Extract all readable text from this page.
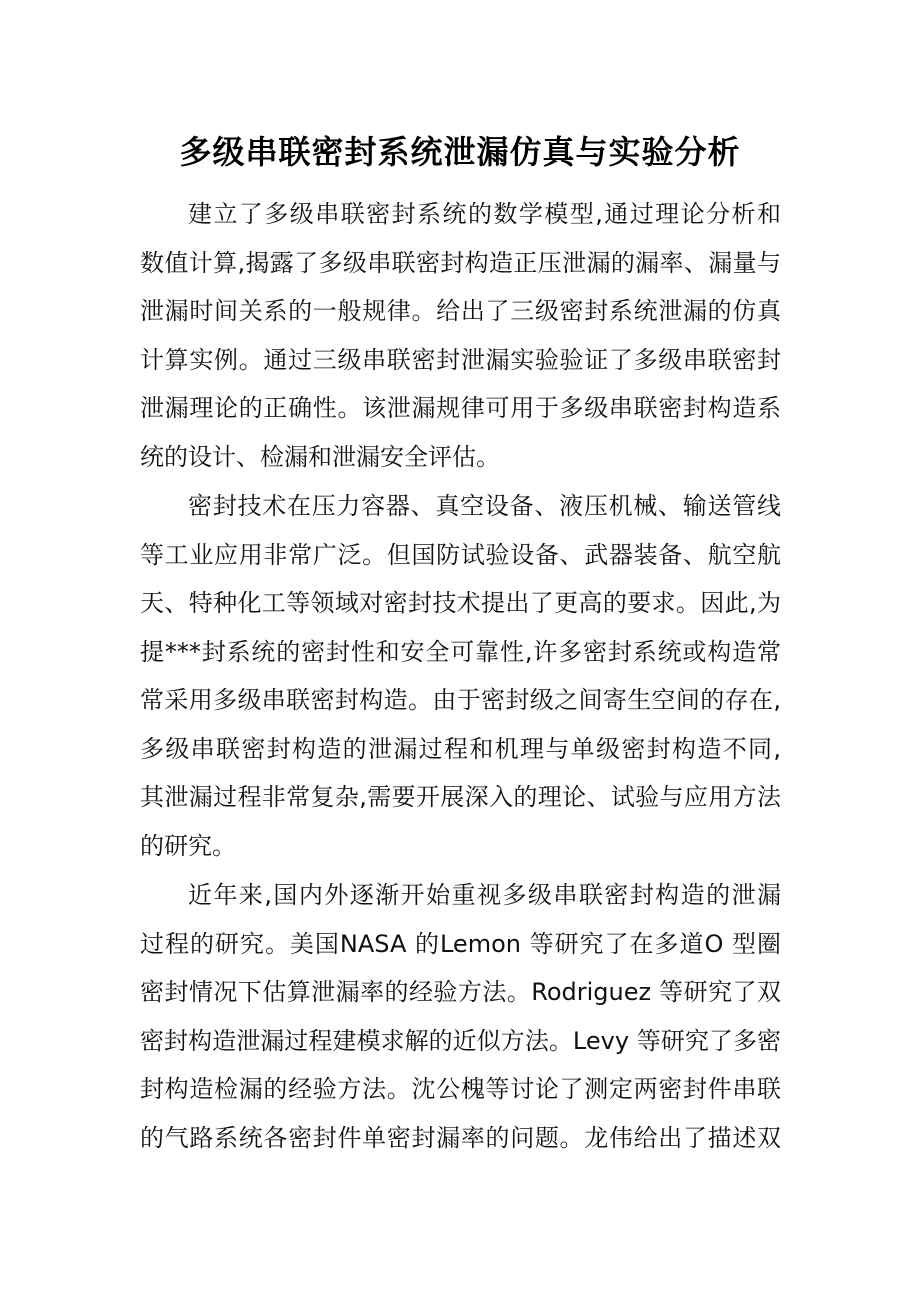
多级串联密封系统泄漏仿真与实验分析
建立了多级串联密封系统的数学模型,通过理论分析和
数值计算,揭露了多级串联密封构造正压泄漏的漏率、漏量与
泄漏时间关系的一般规律。给出了三级密封系统泄漏的仿真
计算实例。通过三级串联密封泄漏实验验证了多级串联密封
泄漏理论的正确性。该泄漏规律可用于多级串联密封构造系
统的设计、检漏和泄漏安全评估。
密封技术在压力容器、真空设备、液压机械、输送管线
等工业应用非常广泛。但国防试验设备、武器装备、航空航
天、特种化工等领域对密封技术提出了更高的要求。因此,为
提***封系统的密封性和安全可靠性,许多密封系统或构造常
常采用多级串联密封构造。由于密封级之间寄生空间的存在,
多级串联密封构造的泄漏过程和机理与单级密封构造不同,
其泄漏过程非常复杂,需要开展深入的理论、试验与应用方法
的研究。
近年来,国内外逐渐开始重视多级串联密封构造的泄漏
过程的研究。美国NASA 的Lemon 等研究了在多道O 型圈
密封情况下估算泄漏率的经验方法。Rodriguez 等研究了双
密封构造泄漏过程建模求解的近似方法。Levy 等研究了多密
封构造检漏的经验方法。沈公槐等讨论了测定两密封件串联
的气路系统各密封件单密封漏率的问题。龙伟给出了描述双
